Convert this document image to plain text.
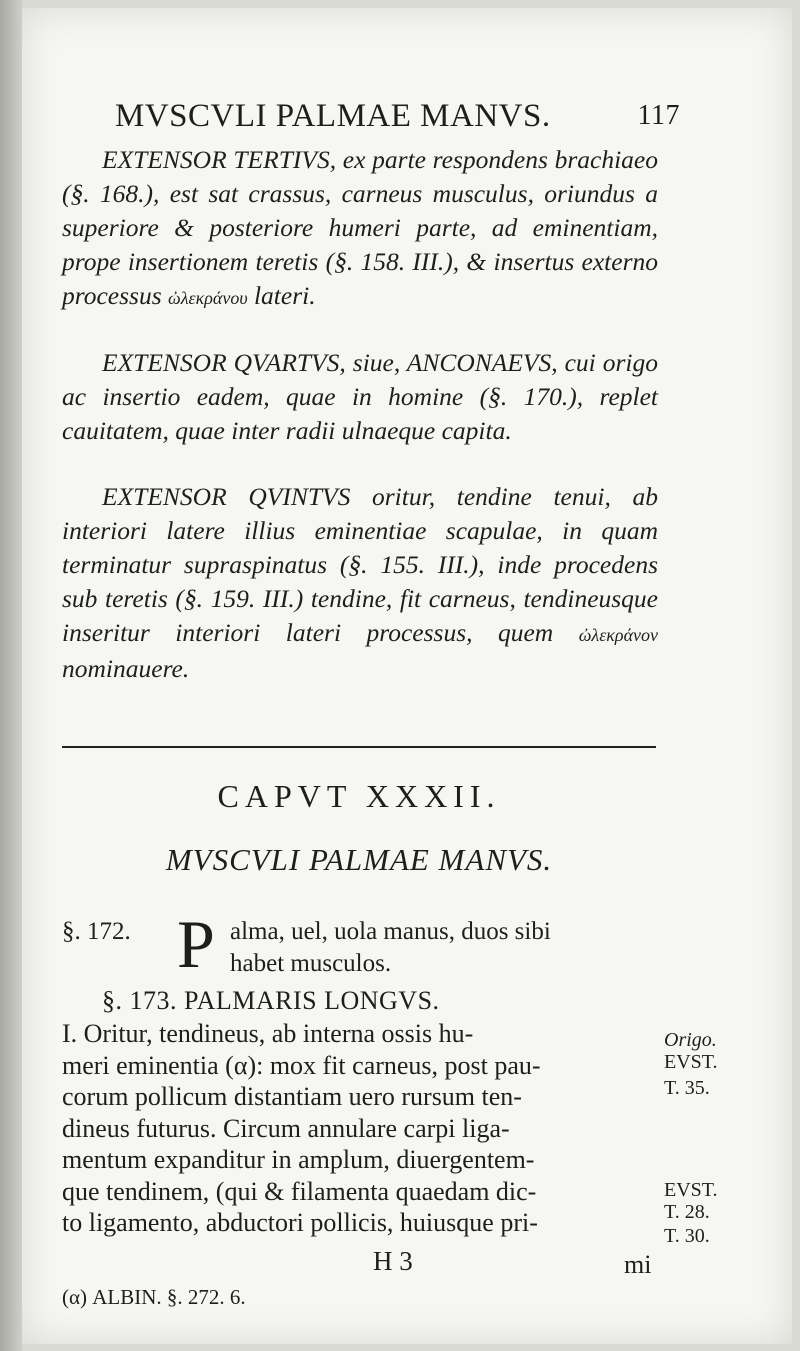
MVSCVLI PALMAE MANVS.	117

EXTENSOR TERTIVS, ex parte respondens brachiaeo (§. 168.), est sat crassus, carneus musculus, oriundus a superiore & posteriore humeri parte, ad eminentiam, prope insertionem teretis (§. 158. III.), & insertus externo processus ὠλεκράνου lateri.

EXTENSOR QVARTVS, siue, ANCONAEVS, cui origo ac insertio eadem, quae in homine (§. 170.), replet cauitatem, quae inter radii ulnaeque capita.

EXTENSOR QVINTVS oritur, tendine tenui, ab interiori latere illius eminentiae scapulae, in quam terminatur supraspinatus (§. 155. III.), inde procedens sub teretis (§. 159. III.) tendine, fit carneus, tendineusque inseritur interiori lateri processus, quem ὠλεκράνον nominauere.

CAPVT XXXII.
MVSCVLI PALMAE MANVS.
§. 172. P alma, uel, uola manus, duos sibi
habet musculos.
§. 173. PALMARIS LONGVS.
I. Oritur, tendineus, ab interna ossis hu-
meri eminentia (α): mox fit carneus, post pau-
corum pollicum distantiam uero rursum ten-
dineus futurus. Circum annulare carpi liga-
mentum expanditur in amplum, diuergentem-
que tendinem, (qui & filamenta quaedam dic-
to ligamento, abductori pollicis, huiusque pri-
H 3	mi
(α) ALBIN. §. 272. 6.
Origo.
EVST.
T. 35.
EVST.
T. 28.
T. 30.
